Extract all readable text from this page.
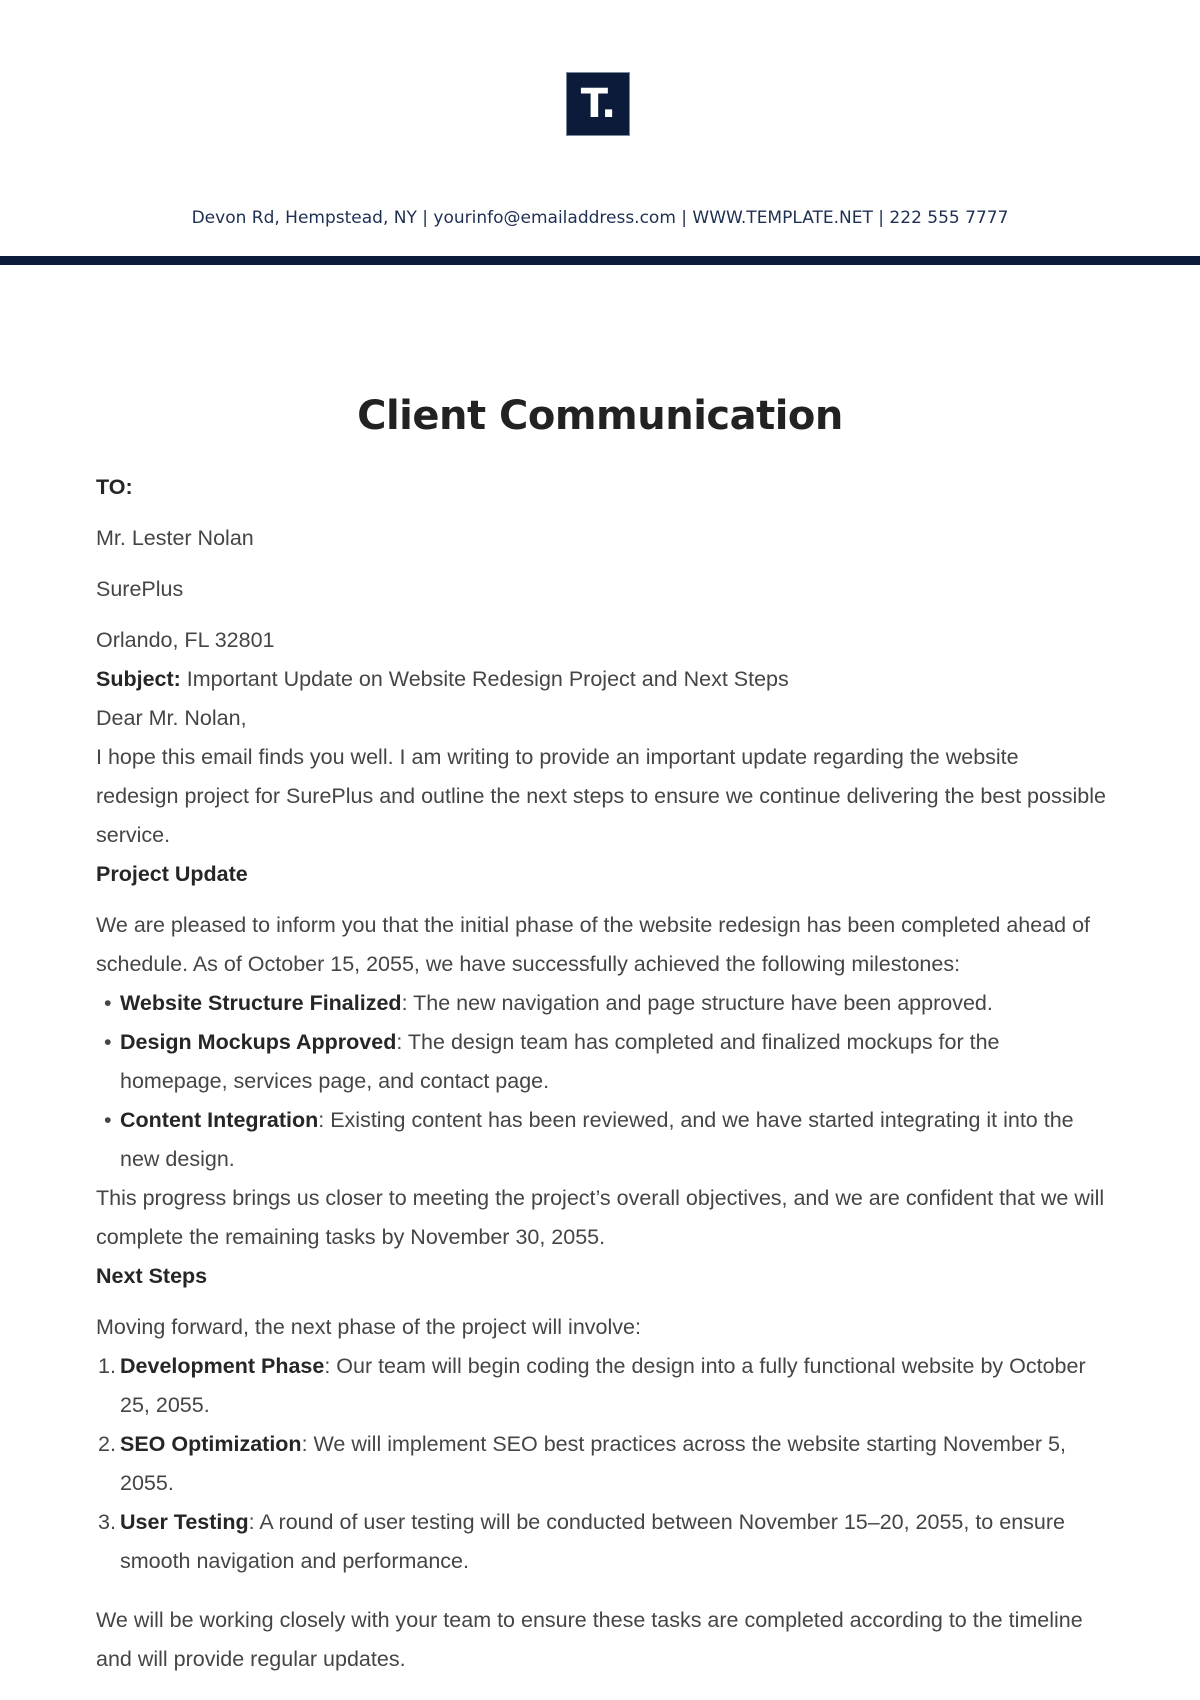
T.
Devon Rd, Hempstead, NY | yourinfo@emailaddress.com | WWW.TEMPLATE.NET | 222 555 7777
Client Communication

TO:

Mr. Lester Nolan

SurePlus

Orlando, FL 32801

Subject: Important Update on Website Redesign Project and Next Steps

Dear Mr. Nolan,

I hope this email finds you well. I am writing to provide an important update regarding the website redesign project for SurePlus and outline the next steps to ensure we continue delivering the best possible service.

Project Update

We are pleased to inform you that the initial phase of the website redesign has been completed ahead of schedule. As of October 15, 2055, we have successfully achieved the following milestones:

• Website Structure Finalized: The new navigation and page structure have been approved.
• Design Mockups Approved: The design team has completed and finalized mockups for the homepage, services page, and contact page.
• Content Integration: Existing content has been reviewed, and we have started integrating it into the new design.

This progress brings us closer to meeting the project’s overall objectives, and we are confident that we will complete the remaining tasks by November 30, 2055.

Next Steps

Moving forward, the next phase of the project will involve:

1. Development Phase: Our team will begin coding the design into a fully functional website by October 25, 2055.
2. SEO Optimization: We will implement SEO best practices across the website starting November 5, 2055.
3. User Testing: A round of user testing will be conducted between November 15–20, 2055, to ensure smooth navigation and performance.

We will be working closely with your team to ensure these tasks are completed according to the timeline and will provide regular updates.
